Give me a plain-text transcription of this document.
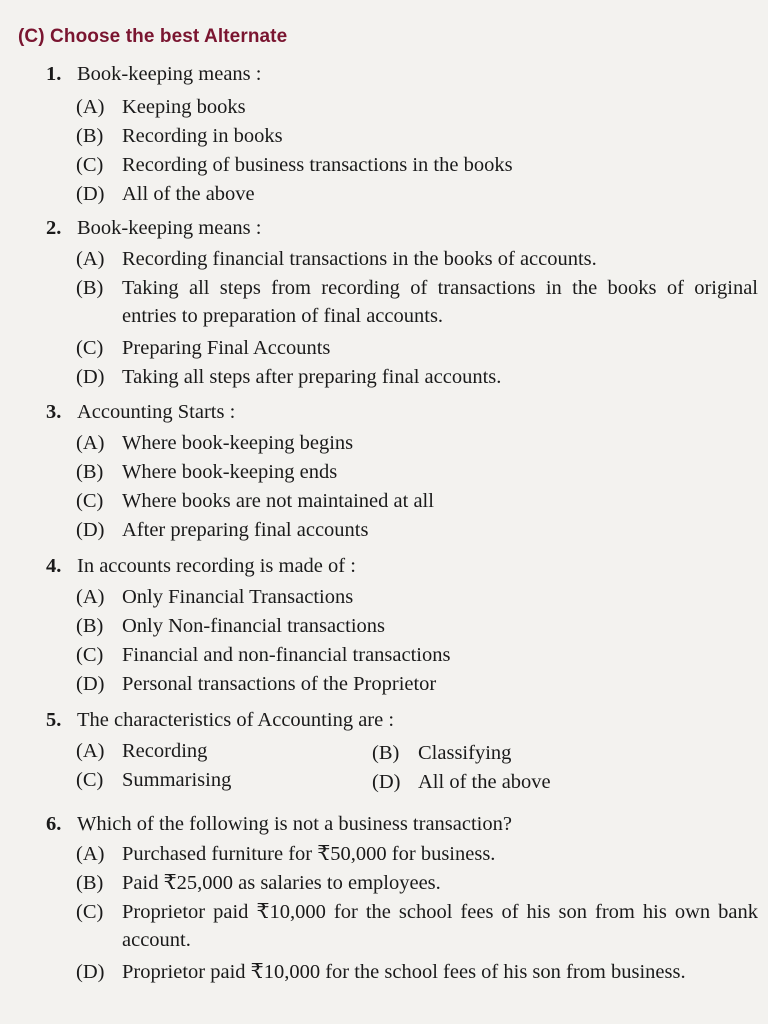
(C) Choose the best Alternate
1. Book-keeping means :
(A) Keeping books
(B) Recording in books
(C) Recording of business transactions in the books
(D) All of the above
2. Book-keeping means :
(A) Recording financial transactions in the books of accounts.
(B) Taking all steps from recording of transactions in the books of original entries to preparation of final accounts.
(C) Preparing Final Accounts
(D) Taking all steps after preparing final accounts.
3. Accounting Starts :
(A) Where book-keeping begins
(B) Where book-keeping ends
(C) Where books are not maintained at all
(D) After preparing final accounts
4. In accounts recording is made of :
(A) Only Financial Transactions
(B) Only Non-financial transactions
(C) Financial and non-financial transactions
(D) Personal transactions of the Proprietor
5. The characteristics of Accounting are :
(A) Recording	(B) Classifying
(C) Summarising	(D) All of the above
6. Which of the following is not a business transaction?
(A) Purchased furniture for ₹50,000 for business.
(B) Paid ₹25,000 as salaries to employees.
(C) Proprietor paid ₹10,000 for the school fees of his son from his own bank account.
(D) Proprietor paid ₹10,000 for the school fees of his son from business.
